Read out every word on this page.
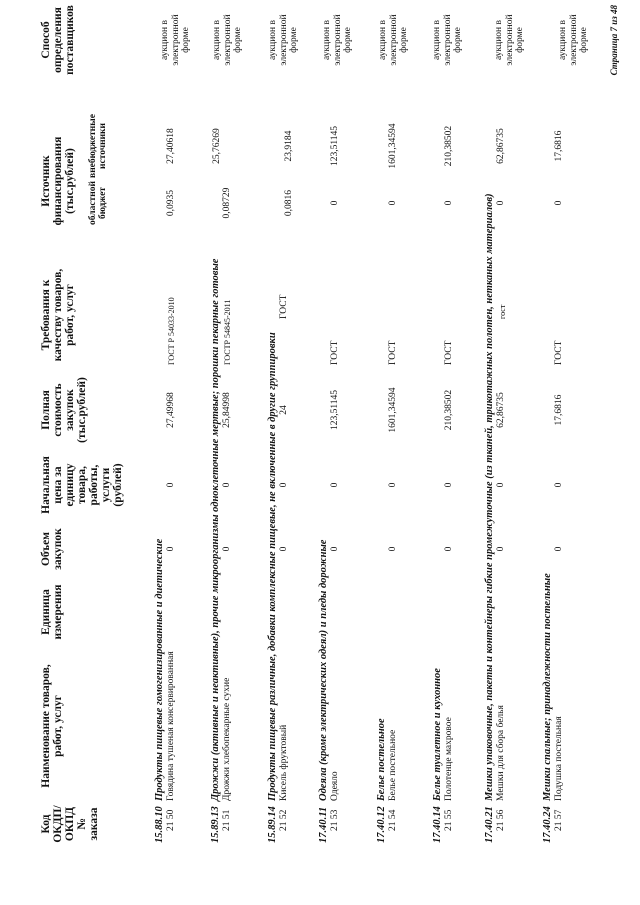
Код ОКДП/ ОКПД № заказа
Наименование товаров, работ, услуг
Единица измерения
Объем закупок
Начальная цена за единицу товара, работы, услуги (рублей)
Полная стоимость закупок (тыс.рублей)
Требования к качеству товаров, работ, услуг
Источник финансирования (тыс.рублей) областной бюджет
внебюджетные источники
Способ определения поставщиков
15.88.10
Продукты пищевые гомогенизированные и диетические
21 50
Говядина тушеная консервированная
0
0
27,49968
ГОСТ Р 54033-2010
0,0935
27,40618
аукцион в электронной форме
15.89.13
Дрожжи (активные и неактивные), прочие микроорганизмы одноклеточные мертвые; порошки пекарные готовые
21 51
Дрожжи хлебопекарные сухие
0
0
25,84998
ГОСТР 54845-2011
0,08729
25,76269
аукцион в электронной форме
15.89.14
Продукты пищевые различные, добавки комплексные пищевые, не включенные в другие группировки
21 52
Кисель фруктовый
0
0
24
ГОСТ
0,0816
23,9184
аукцион в электронной форме
17.40.11
Одеяла (кроме электрических одеял) и пледы дорожные
21 53
Одеяло
0
0
123,51145
ГОСТ
0
123,51145
аукцион в электронной форме
17.40.12
Белье постельное
21 54
Белье постельное
0
0
1601,34594
ГОСТ
0
1601,34594
аукцион в электронной форме
17.40.14
Белье туалетное и кухонное
21 55
Полотенце махровое
0
0
210,38502
ГОСТ
0
210,38502
аукцион в электронной форме
17.40.21
Мешки упаковочные, пакеты и контейнеры гибкие промежуточные (из тканей, трикотажных полотен, нетканых материалов)
21 56
Мешки для сбора белья
0
0
62,86735
гост
0
62,86735
аукцион в электронной форме
17.40.24
Мешки спальные; принадлежности постельные
21 57
Подушка постельная
0
0
17,6816
ГОСТ
0
17,6816
аукцион в электронной форме Страница 7 из 48
